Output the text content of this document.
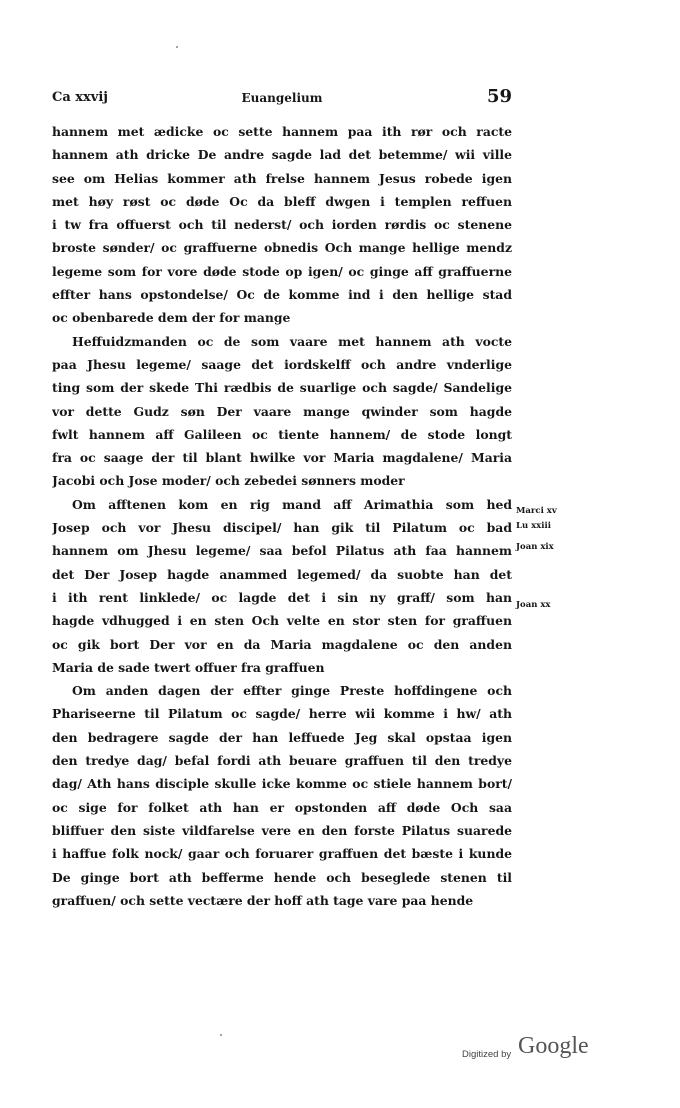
Ca xxvij	Euangelium	59
hannem met ædicke oc sette hannem paa ith rør och racte
hannem ath dricke De andre sagde lad det betemme/ wii ville
see om Helias kommer ath frelse hannem Jesus robede igen
met høy røst oc døde Oc da bleff dwgen i templen reffuen
i tw fra offuerst och til nederst/ och iorden rørdis oc stenene
broste sønder/ oc graffuerne obnedis Och mange hellige mendz
legeme som for vore døde stode op igen/ oc ginge aff graffuerne
effter hans opstondelse/ Oc de komme ind i den hellige stad
oc obenbarede dem der for mange
Heffuidzmanden oc de som vaare met hannem ath vocte
paa Jhesu legeme/ saage det iordskelff och andre vnderlige
ting som der skede Thi rædbis de suarlige och sagde/ Sandelige
vor dette Gudz søn Der vaare mange qwinder som hagde
fwlt hannem aff Galileen oc tiente hannem/ de stode longt
fra oc saage der til blant hwilke vor Maria magdalene/ Maria
Jacobi och Jose moder/ och zebedei sønners moder
Om afftenen kom en rig mand aff Arimathia som hed
Josep och vor Jhesu discipel/ han gik til Pilatum oc bad
hannem om Jhesu legeme/ saa befol Pilatus ath faa hannem
det Der Josep hagde anammed legemed/ da suobte han det
i ith rent linklede/ oc lagde det i sin ny graff/ som han
hagde vdhugged i en sten Och velte en stor sten for graffuen
oc gik bort Der vor en da Maria magdalene oc den anden
Maria de sade twert offuer fra graffuen
Om anden dagen der effter ginge Preste hoffdingene och
Phariseerne til Pilatum oc sagde/ herre wii komme i hw/ ath
den bedragere sagde der han leffuede Jeg skal opstaa igen
den tredye dag/ befal fordi ath beuare graffuen til den tredye
dag/ Ath hans disciple skulle icke komme oc stiele hannem bort/
oc sige for folket ath han er opstonden aff døde Och saa
bliffuer den siste vildfarelse vere en den forste Pilatus suarede
i haffue folk nock/ gaar och foruarer graffuen det bæste i kunde
De ginge bort ath befferme hende och beseglede stenen til
graffuen/ och sette vectære der hoff ath tage vare paa hende
Marci xv
Lu xxiii
Joan xix
Joan xx
Digitized by Google
